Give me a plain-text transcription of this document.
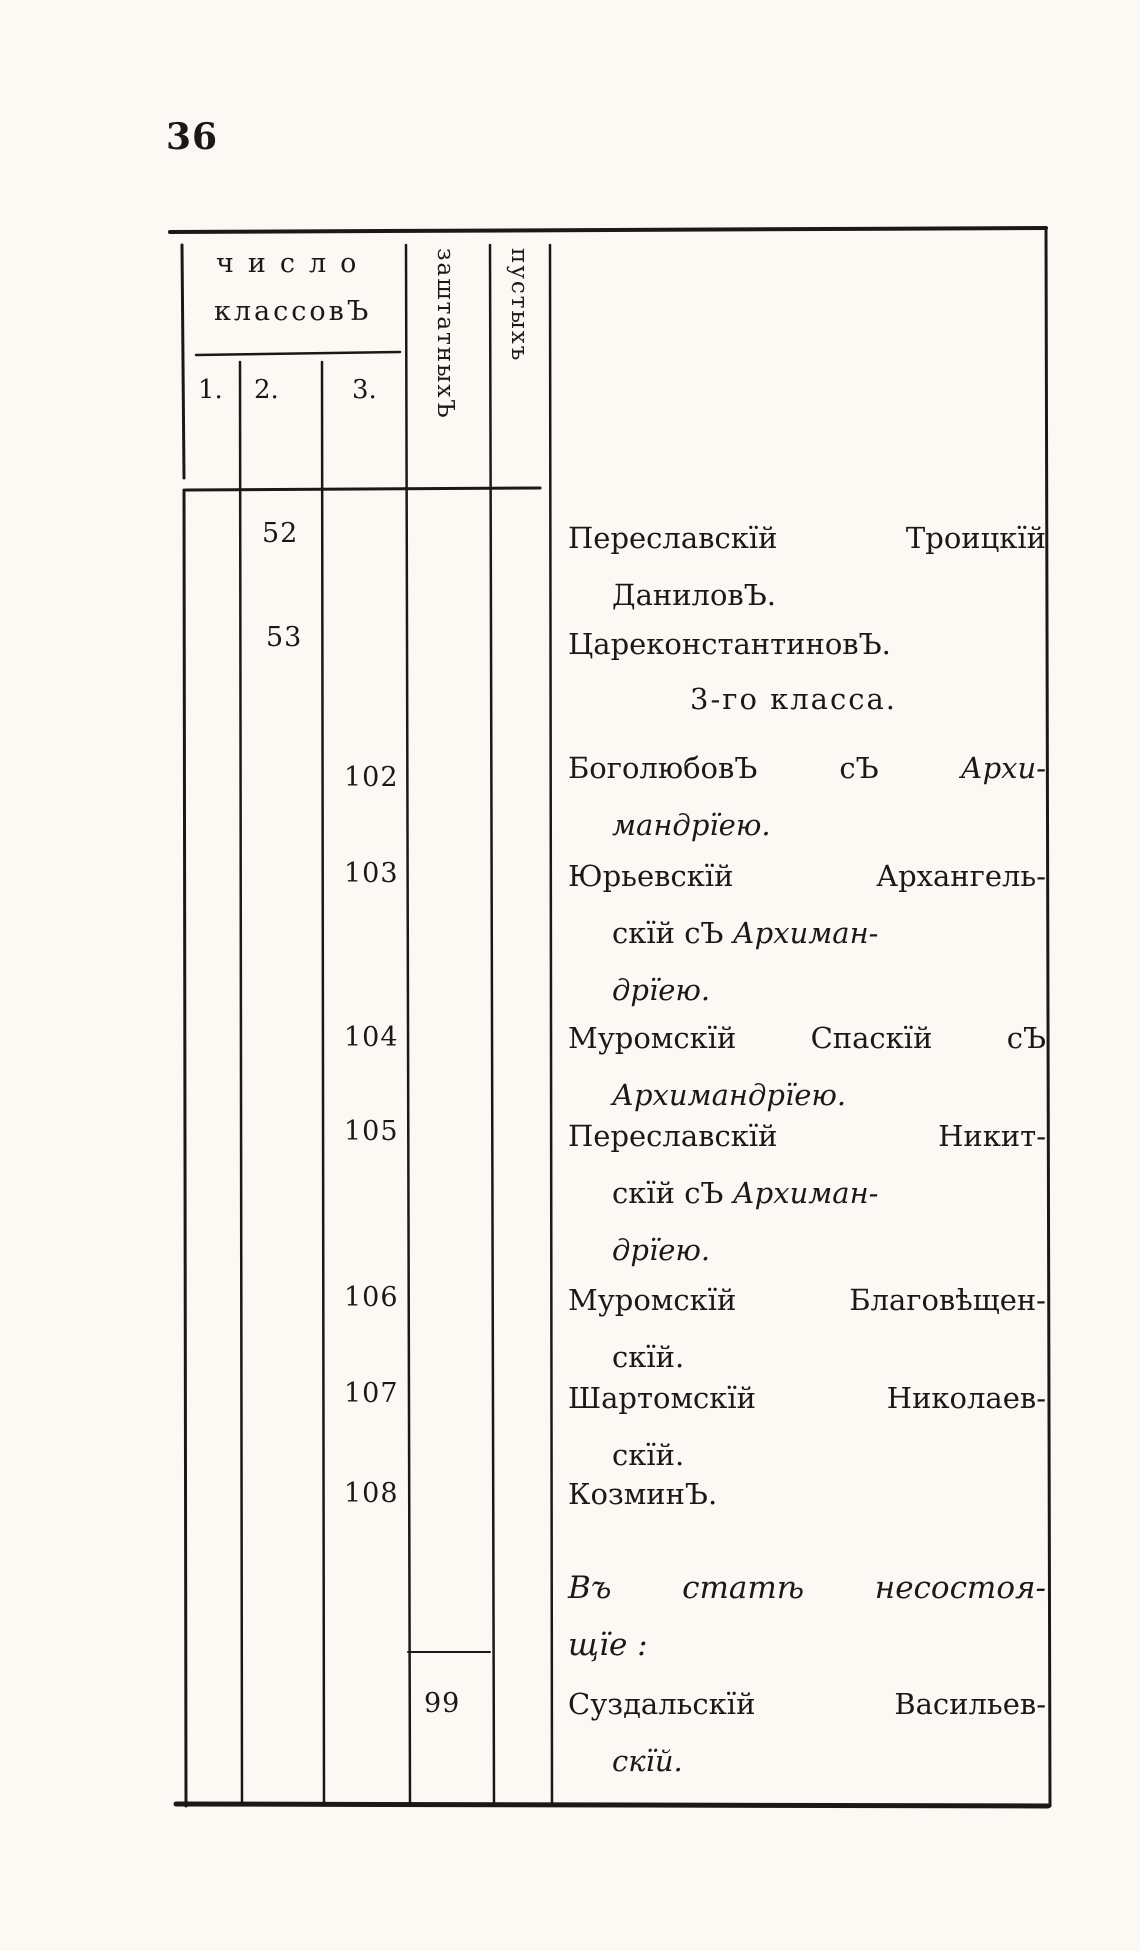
36
число
классовЪ
1. 2.	3. заштатныхЪ пустыхъ
52
53
102
103
104
105
106
107
108
99
Переславскїй Троицкїй
ДаниловЪ.
ЦареконстантиновЪ.
3-го класса.
БоголюбовЪ сЪ	Архи-
мандрїею.
Юрьевскїй Архангель-
скїй сЪ Архиман-
дрїею.
Муромскїй Спаскїй сЪ
Архимандрїею.
Переславскїй Никит-
скїй сЪ Архиман-
дрїею.
Муромскїй Благовѣщен-
скїй.
Шартомскїй Николаев-
скїй.
КозминЪ.
Въ статѣ несостоя-
щїе :
Суздальскїй Васильев-
скїй.
